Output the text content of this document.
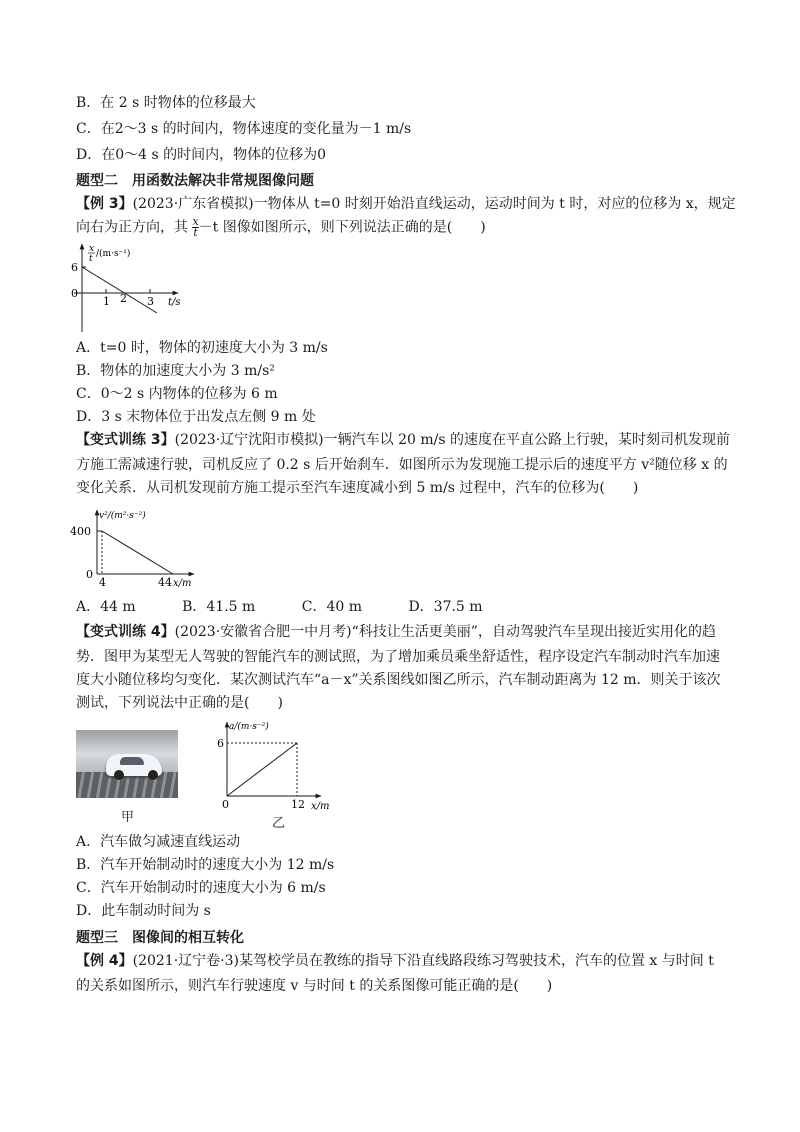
B．在 2 s 时物体的位移最大
C．在2～3 s 的时间内，物体速度的变化量为－1 m/s
D．在0～4 s 的时间内，物体的位移为0
题型二　用函数法解决非常规图像问题
【例 3】(2023·广东省模拟)一物体从 t=0 时刻开始沿直线运动，运动时间为 t 时，对应的位移为 x，规定
向右为正方向，其 $\frac{x}{t} -t$ 图像如图所示，则下列说法正确的是(　　)
x
t /(m·s⁻¹)
6
0
1 2 3 t/s
A．t=0 时，物体的初速度大小为 3 m/s
B．物体的加速度大小为 3 m/s²
C．0～2 s 内物体的位移为 6 m
D．3 s 末物体位于出发点左侧 9 m 处
【变式训练 3】(2023·辽宁沈阳市模拟)一辆汽车以 20 m/s 的速度在平直公路上行驶，某时刻司机发现前
方施工需减速行驶，司机反应了 0.2 s 后开始刹车．如图所示为发现施工提示后的速度平方 v²随位移 x 的
变化关系．从司机发现前方施工提示至汽车速度减小到 5 m/s 过程中，汽车的位移为(　　)
v²/(m²·s⁻²)
400
0
4	44 x/m
A．44 m　　　 B．41.5 m　　　 C．40 m　　　 D．37.5 m
【变式训练 4】(2023·安徽省合肥一中月考)“科技让生活更美丽”，自动驾驶汽车呈现出接近实用化的趋
势．图甲为某型无人驾驶的智能汽车的测试照，为了增加乘员乘坐舒适性，程序设定汽车制动时汽车加速
度大小随位移均匀变化．某次测试汽车“a－x”关系图线如图乙所示，汽车制动距离为 12 m．则关于该次
测试，下列说法中正确的是(　　)
甲
a/(m·s⁻²)
6
0	12 x/m
乙
A．汽车做匀减速直线运动
B．汽车开始制动时的速度大小为 12 m/s
C．汽车开始制动时的速度大小为 6 m/s
D．此车制动时间为 s
题型三　图像间的相互转化
【例 4】(2021·辽宁卷·3)某驾校学员在教练的指导下沿直线路段练习驾驶技术，汽车的位置 x 与时间 t
的关系如图所示，则汽车行驶速度 v 与时间 t 的关系图像可能正确的是(　　)
